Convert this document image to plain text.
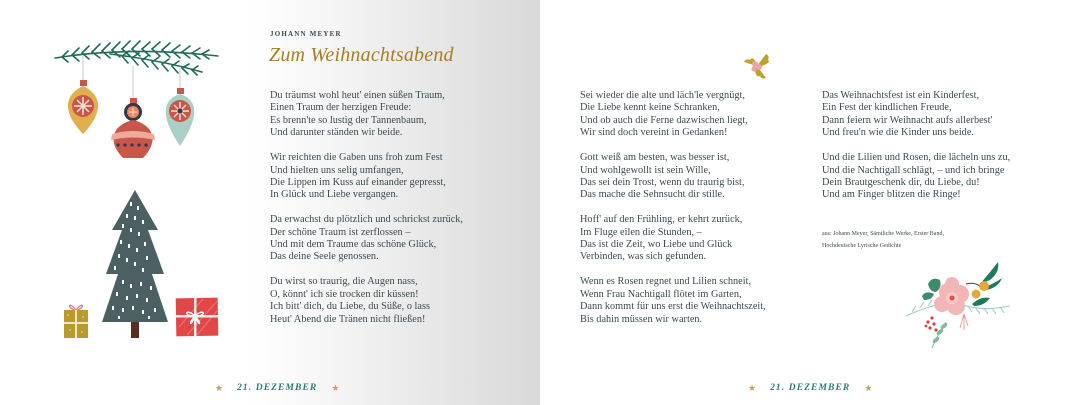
JOHANN MEYER
Zum Weihnachtsabend
Du träumst wohl heut' einen süßen Traum,
Einen Traum der herzigen Freude:
Es brenn'te so lustig der Tannenbaum,
Und darunter ständen wir beide.
Wir reichten die Gaben uns froh zum Fest
Und hielten uns selig umfangen,
Die Lippen im Kuss auf einander gepresst,
In Glück und Liebe vergangen.
Da erwachst du plötzlich und schrickst zurück,
Der schöne Traum ist zerflossen –
Und mit dem Traume das schöne Glück,
Das deine Seele genossen.
Du wirst so traurig, die Augen nass,
O, könnt' ich sie trocken dir küssen!
Ich bitt' dich, du Liebe, du Süße, o lass
Heut' Abend die Tränen nicht fließen!
★ 21. DEZEMBER ★
Sei wieder die alte und läch'le vergnügt,
Die Liebe kennt keine Schranken,
Und ob auch die Ferne dazwischen liegt,
Wir sind doch vereint in Gedanken!
Gott weiß am besten, was besser ist,
Und wohlgewollt ist sein Wille,
Das sei dein Trost, wenn du traurig bist,
Das mache die Sehnsucht dir stille.
Hoff' auf den Frühling, er kehrt zurück,
Im Fluge eilen die Stunden, –
Das ist die Zeit, wo Liebe und Glück
Verbinden, was sich gefunden.
Wenn es Rosen regnet und Lilien schneit,
Wenn Frau Nachtigall flötet im Garten,
Dann kommt für uns erst die Weihnachtszeit,
Bis dahin müssen wir warten.
Das Weihnachtsfest ist ein Kinderfest,
Ein Fest der kindlichen Freude,
Dann feiern wir Weihnacht aufs allerbest'
Und freu'n wie die Kinder uns beide.
Und die Lilien und Rosen, die lächeln uns zu,
Und die Nachtigall schlägt, – und ich bringe
Dein Brautgeschenk dir, du Liebe, du!
Und am Finger blitzen die Ringe!
aus: Johann Meyer, Sämtliche Werke, Erster Band,
Hochdeutsche Lyrische Gedichte
★ 21. DEZEMBER ★
